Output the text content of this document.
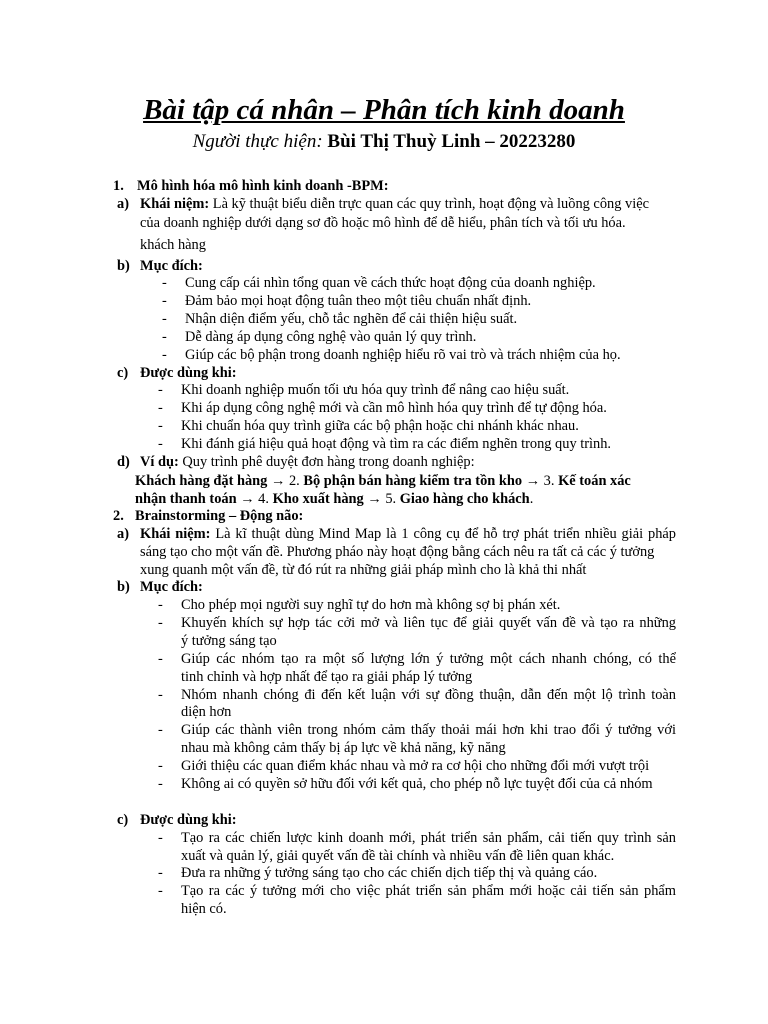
Bài tập cá nhân – Phân tích kinh doanh
Người thực hiện: Bùi Thị Thuỳ Linh – 20223280
1. Mô hình hóa mô hình kinh doanh -BPM:
a) Khái niệm: Là kỹ thuật biểu diễn trực quan các quy trình, hoạt động và luồng công việc
của doanh nghiệp dưới dạng sơ đồ hoặc mô hình để dễ hiểu, phân tích và tối ưu hóa.
khách hàng
b) Mục đích:
- Cung cấp cái nhìn tổng quan về cách thức hoạt động của doanh nghiệp.
- Đảm bảo mọi hoạt động tuân theo một tiêu chuẩn nhất định.
- Nhận diện điểm yếu, chỗ tắc nghẽn để cải thiện hiệu suất.
- Dễ dàng áp dụng công nghệ vào quản lý quy trình.
- Giúp các bộ phận trong doanh nghiệp hiểu rõ vai trò và trách nhiệm của họ.
c) Được dùng khi:
- Khi doanh nghiệp muốn tối ưu hóa quy trình để nâng cao hiệu suất.
- Khi áp dụng công nghệ mới và cần mô hình hóa quy trình để tự động hóa.
- Khi chuẩn hóa quy trình giữa các bộ phận hoặc chi nhánh khác nhau.
- Khi đánh giá hiệu quả hoạt động và tìm ra các điểm nghẽn trong quy trình.
d) Ví dụ: Quy trình phê duyệt đơn hàng trong doanh nghiệp:
Khách hàng đặt hàng → 2. Bộ phận bán hàng kiểm tra tồn kho → 3. Kế toán xác
nhận thanh toán → 4. Kho xuất hàng → 5. Giao hàng cho khách.
2. Brainstorming – Động não:
a) Khái niệm: Là kĩ thuật dùng Mind Map là 1 công cụ để hỗ trợ phát triển nhiều giải pháp
sáng tạo cho một vấn đề. Phương pháo này hoạt động bằng cách nêu ra tất cả các ý tưởng
xung quanh một vấn đề, từ đó rút ra những giải pháp mình cho là khả thi nhất
b) Mục đích:
- Cho phép mọi người suy nghĩ tự do hơn mà không sợ bị phán xét.
- Khuyến khích sự hợp tác cởi mở và liên tục để giải quyết vấn đề và tạo ra những
ý tưởng sáng tạo
- Giúp các nhóm tạo ra một số lượng lớn ý tưởng một cách nhanh chóng, có thể
tinh chỉnh và hợp nhất để tạo ra giải pháp lý tưởng
- Nhóm nhanh chóng đi đến kết luận với sự đồng thuận, dẫn đến một lộ trình toàn
diện hơn
- Giúp các thành viên trong nhóm cảm thấy thoải mái hơn khi trao đổi ý tưởng với
nhau mà không cảm thấy bị áp lực về khả năng, kỹ năng
- Giới thiệu các quan điểm khác nhau và mở ra cơ hội cho những đổi mới vượt trội
- Không ai có quyền sở hữu đối với kết quả, cho phép nỗ lực tuyệt đối của cả nhóm
c) Được dùng khi:
- Tạo ra các chiến lược kinh doanh mới, phát triển sản phẩm, cải tiến quy trình sản
xuất và quản lý, giải quyết vấn đề tài chính và nhiều vấn đề liên quan khác.
- Đưa ra những ý tưởng sáng tạo cho các chiến dịch tiếp thị và quảng cáo.
- Tạo ra các ý tưởng mới cho việc phát triển sản phẩm mới hoặc cải tiến sản phẩm
hiện có.
